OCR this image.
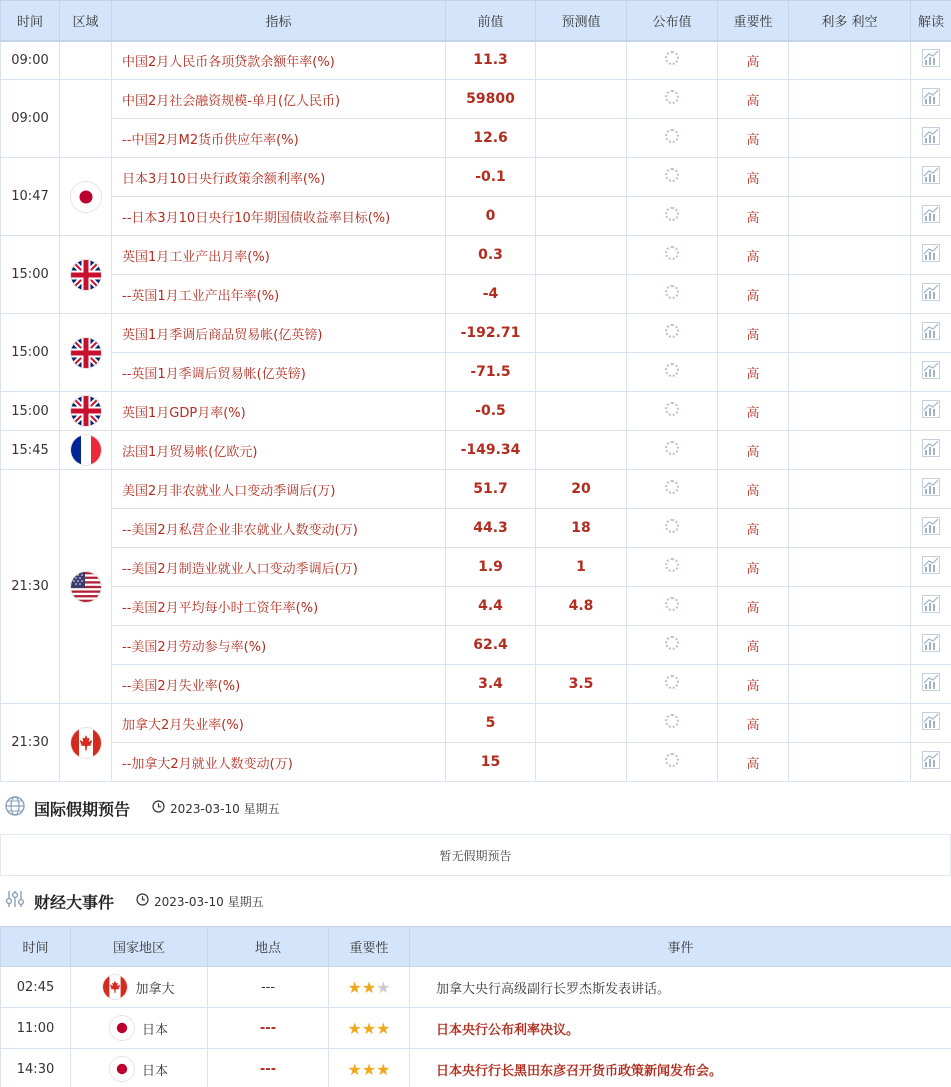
时间	区域	指标	前值	预测值	公布值	重要性	利多 利空	解读
09:00		中国2月人民币各项贷款余额年率(%)	11.3			高		
09:00		中国2月社会融资规模-单月(亿人民币)	59800			高		
		--中国2月M2货币供应年率(%)	12.6			高		
10:47		日本3月10日央行政策余额利率(%)	-0.1			高		
		--日本3月10日央行10年期国债收益率目标(%)	0			高		
15:00		英国1月工业产出月率(%)	0.3			高		
		--英国1月工业产出年率(%)	-4			高		
15:00		英国1月季调后商品贸易帐(亿英镑)	-192.71			高		
		--英国1月季调后贸易帐(亿英镑)	-71.5			高		
15:00		英国1月GDP月率(%)	-0.5			高		
15:45		法国1月贸易帐(亿欧元)	-149.34			高		
21:30		美国2月非农就业人口变动季调后(万)	51.7	20		高		
		--美国2月私营企业非农就业人数变动(万)	44.3	18		高		
		--美国2月制造业就业人口变动季调后(万)	1.9	1		高		
		--美国2月平均每小时工资年率(%)	4.4	4.8		高		
		--美国2月劳动参与率(%)	62.4			高		
		--美国2月失业率(%)	3.4	3.5		高		
21:30		加拿大2月失业率(%)	5			高		
		--加拿大2月就业人数变动(万)	15			高		
国际假期预告	2023-03-10 星期五
暂无假期预告
财经大事件	2023-03-10 星期五
时间	国家地区	地点	重要性	事件
02:45	加拿大	---	★★★	加拿大央行高级副行长罗杰斯发表讲话。
11:00	日本	---	★★★	日本央行公布利率决议。
14:30	日本	---	★★★	日本央行行长黑田东彦召开货币政策新闻发布会。
